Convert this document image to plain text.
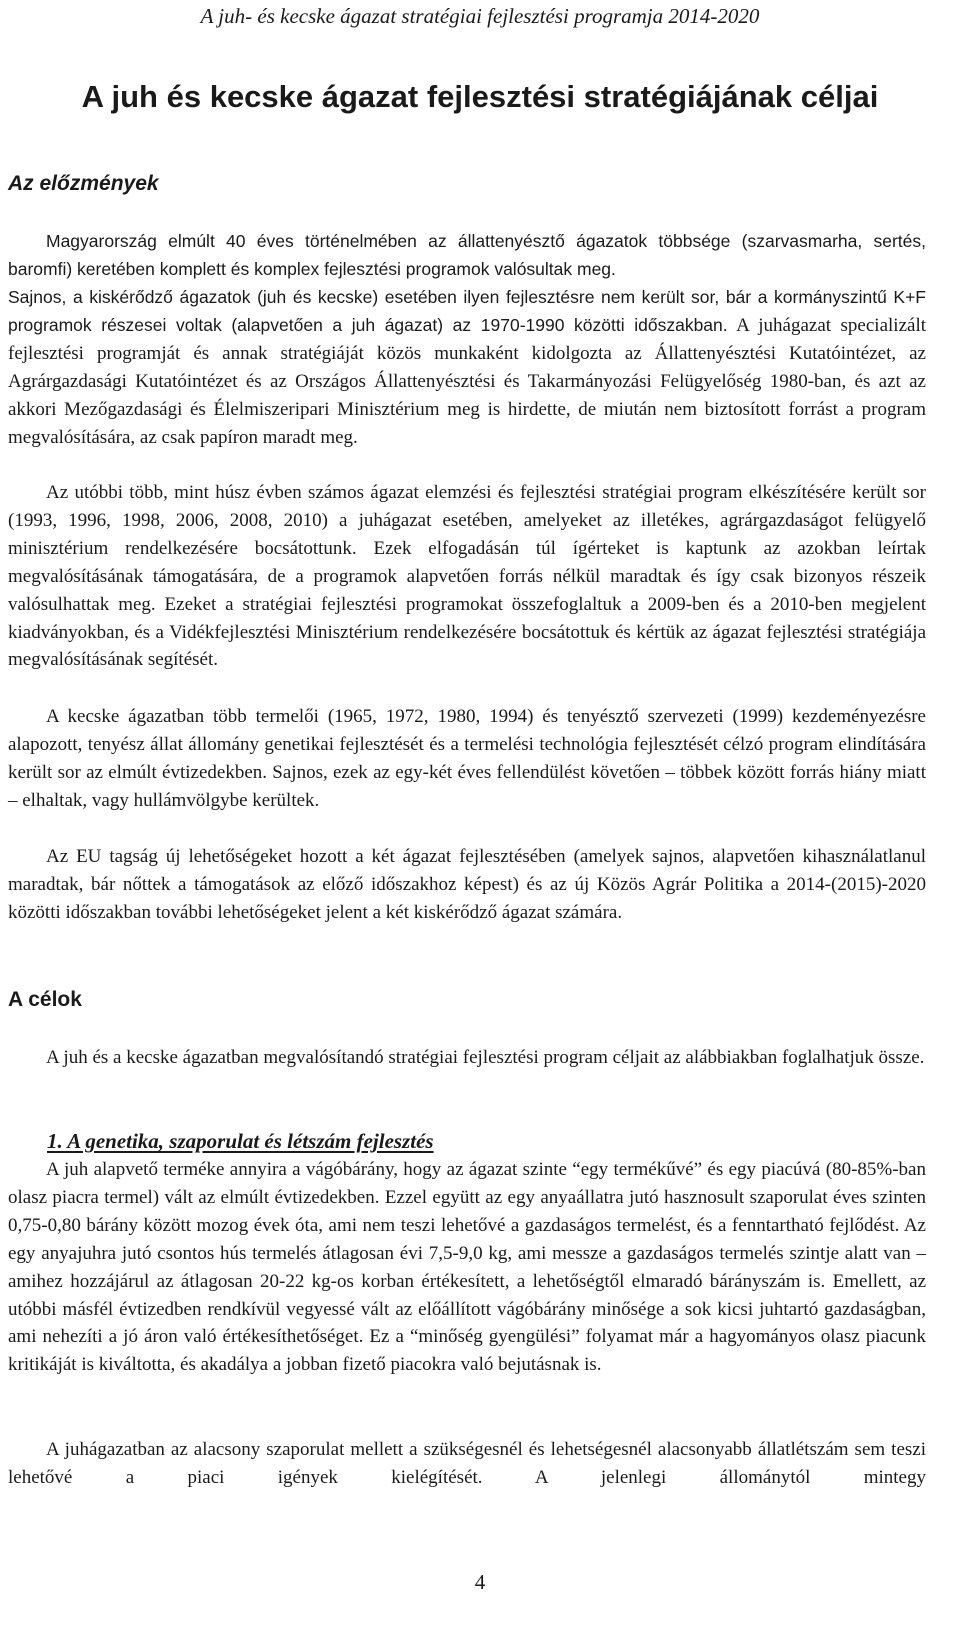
A juh- és kecske ágazat stratégiai fejlesztési programja 2014-2020
A juh és kecske ágazat fejlesztési stratégiájának céljai
Az előzmények

Magyarország elmúlt 40 éves történelmében az állattenyésztő ágazatok többsége (szarvasmarha, sertés, baromfi) keretében komplett és komplex fejlesztési programok valósultak meg.

Sajnos, a kiskérődző ágazatok (juh és kecske) esetében ilyen fejlesztésre nem került sor, bár a kormányszintű K+F programok részesei voltak (alapvetően a juh ágazat) az 1970-1990 közötti időszakban. A juhágazat specializált fejlesztési programját és annak stratégiáját közös munkaként kidolgozta az Állattenyésztési Kutatóintézet, az Agrárgazdasági Kutatóintézet és az Országos Állattenyésztési és Takarmányozási Felügyelőség 1980-ban, és azt az akkori Mezőgazdasági és Élelmiszeripari Minisztérium meg is hirdette, de miután nem biztosított forrást a program megvalósítására, az csak papíron maradt meg.

Az utóbbi több, mint húsz évben számos ágazat elemzési és fejlesztési stratégiai program elkészítésére került sor (1993, 1996, 1998, 2006, 2008, 2010) a juhágazat esetében, amelyeket az illetékes, agrárgazdaságot felügyelő minisztérium rendelkezésére bocsátottunk. Ezek elfogadásán túl ígérteket is kaptunk az azokban leírtak megvalósításának támogatására, de a programok alapvetően forrás nélkül maradtak és így csak bizonyos részeik valósulhattak meg. Ezeket a stratégiai fejlesztési programokat összefoglaltuk a 2009-ben és a 2010-ben megjelent kiadványokban, és a Vidékfejlesztési Minisztérium rendelkezésére bocsátottuk és kértük az ágazat fejlesztési stratégiája megvalósításának segítését.

A kecske ágazatban több termelői (1965, 1972, 1980, 1994) és tenyésztő szervezeti (1999) kezdeményezésre alapozott, tenyész állat állomány genetikai fejlesztését és a termelési technológia fejlesztését célzó program elindítására került sor az elmúlt évtizedekben. Sajnos, ezek az egy-két éves fellendülést követően – többek között forrás hiány miatt – elhaltak, vagy hullámvölgybe kerültek.

Az EU tagság új lehetőségeket hozott a két ágazat fejlesztésében (amelyek sajnos, alapvetően kihasználatlanul maradtak, bár nőttek a támogatások az előző időszakhoz képest) és az új Közös Agrár Politika a 2014-(2015)-2020 közötti időszakban további lehetőségeket jelent a két kiskérődző ágazat számára.

A célok

A juh és a kecske ágazatban megvalósítandó stratégiai fejlesztési program céljait az alábbiakban foglalhatjuk össze.

1. A genetika, szaporulat és létszám fejlesztés

A juh alapvető terméke annyira a vágóbárány, hogy az ágazat szinte “egy termékűvé” és egy piacúvá (80-85%-ban olasz piacra termel) vált az elmúlt évtizedekben. Ezzel együtt az egy anyaállatra jutó hasznosult szaporulat éves szinten 0,75-0,80 bárány között mozog évek óta, ami nem teszi lehetővé a gazdaságos termelést, és a fenntartható fejlődést. Az egy anyajuhra jutó csontos hús termelés átlagosan évi 7,5-9,0 kg, ami messze a gazdaságos termelés szintje alatt van – amihez hozzájárul az átlagosan 20-22 kg-os korban értékesített, a lehetőségtől elmaradó bárányszám is. Emellett, az utóbbi másfél évtizedben rendkívül vegyessé vált az előállított vágóbárány minősége a sok kicsi juhtartó gazdaságban, ami nehezíti a jó áron való értékesíthetőséget. Ez a “minőség gyengülési” folyamat már a hagyományos olasz piacunk kritikáját is kiváltotta, és akadálya a jobban fizető piacokra való bejutásnak is.

A juhágazatban az alacsony szaporulat mellett a szükségesnél és lehetségesnél alacsonyabb állatlétszám sem teszi lehetővé a piaci igények kielégítését. A jelenlegi állománytól mintegy

4
